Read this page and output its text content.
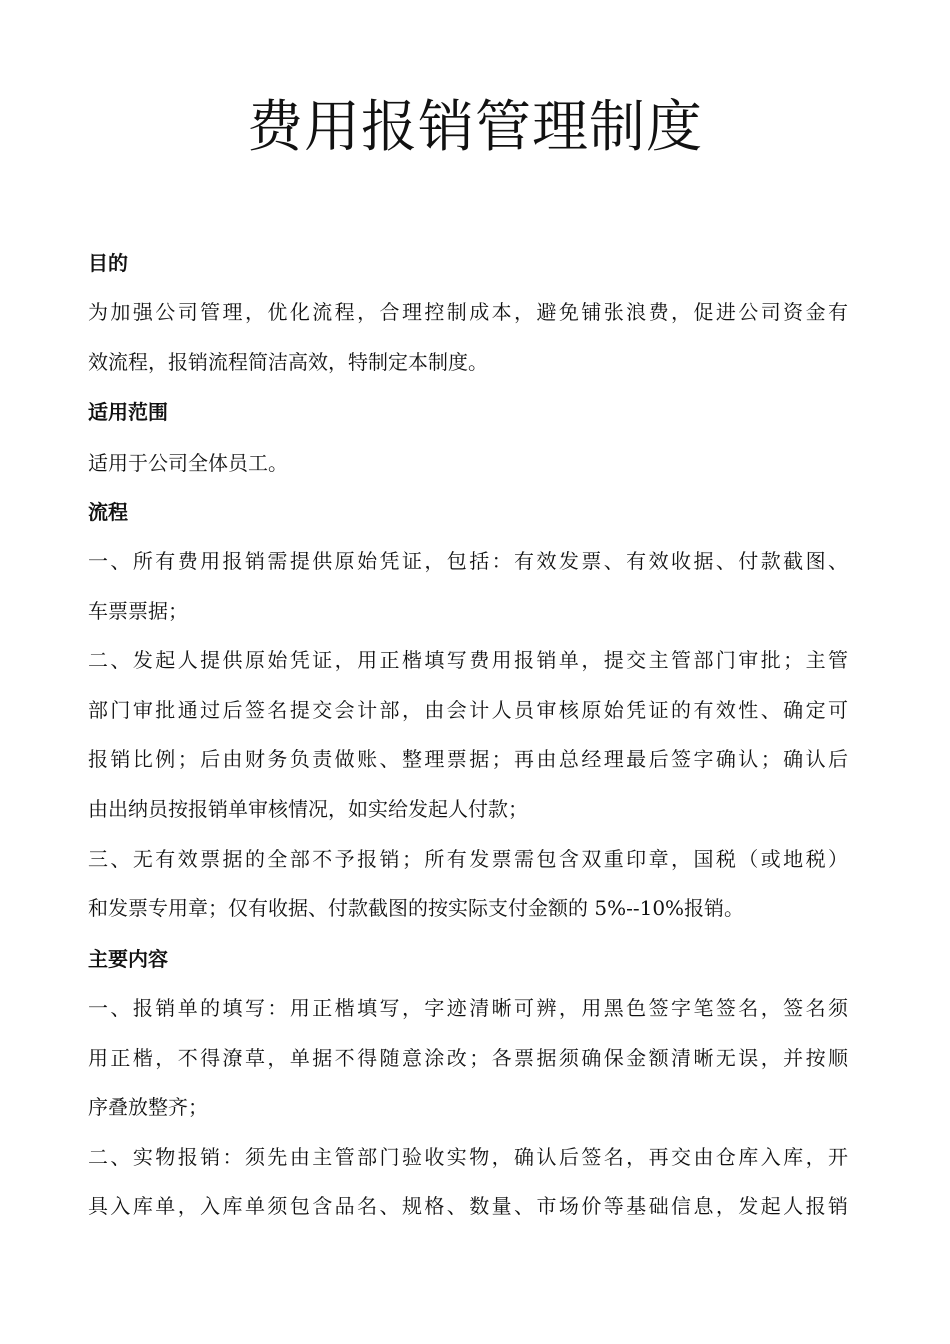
费用报销管理制度
目的

为加强公司管理，优化流程，合理控制成本，避免铺张浪费，促进公司资金有

效流程，报销流程简洁高效，特制定本制度。

适用范围

适用于公司全体员工。

流程

一、所有费用报销需提供原始凭证，包括：有效发票、有效收据、付款截图、

车票票据；

二、发起人提供原始凭证，用正楷填写费用报销单，提交主管部门审批；主管

部门审批通过后签名提交会计部，由会计人员审核原始凭证的有效性、确定可

报销比例；后由财务负责做账、整理票据；再由总经理最后签字确认；确认后

由出纳员按报销单审核情况，如实给发起人付款；

三、无有效票据的全部不予报销；所有发票需包含双重印章，国税（或地税）

和发票专用章；仅有收据、付款截图的按实际支付金额的 5%--10%报销。

主要内容

一、报销单的填写：用正楷填写，字迹清晰可辨，用黑色签字笔签名，签名须

用正楷，不得潦草，单据不得随意涂改；各票据须确保金额清晰无误，并按顺

序叠放整齐；

二、实物报销：须先由主管部门验收实物，确认后签名，再交由仓库入库，开

具入库单，入库单须包含品名、规格、数量、市场价等基础信息，发起人报销
